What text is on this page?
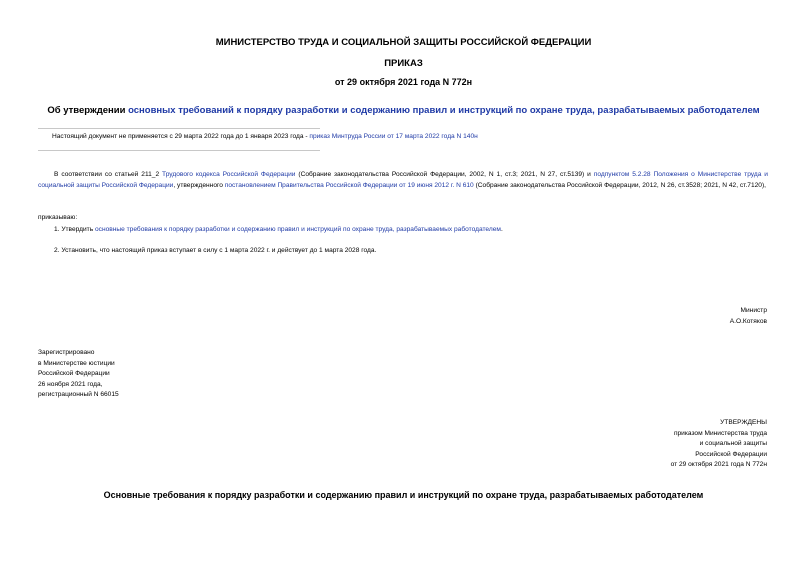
МИНИСТЕРСТВО ТРУДА И СОЦИАЛЬНОЙ ЗАЩИТЫ РОССИЙСКОЙ ФЕДЕРАЦИИ
ПРИКАЗ
от 29 октября 2021 года N 772н
Об утверждении основных требований к порядку разработки и содержанию правил и инструкций по охране труда, разрабатываемых работодателем
Настоящий документ не применяется с 29 марта 2022 года до 1 января 2023 года - приказ Минтруда России от 17 марта 2022 года N 140н
В соответствии со статьей 211_2 Трудового кодекса Российской Федерации (Собрание законодательства Российской Федерации, 2002, N 1, ст.3; 2021, N 27, ст.5139) и подпунктом 5.2.28 Положения о Министерстве труда и социальной защиты Российской Федерации, утвержденного постановлением Правительства Российской Федерации от 19 июня 2012 г. N 610 (Собрание законодательства Российской Федерации, 2012, N 26, ст.3528; 2021, N 42, ст.7120),
приказываю:
1. Утвердить основные требования к порядку разработки и содержанию правил и инструкций по охране труда, разрабатываемых работодателем.
2. Установить, что настоящий приказ вступает в силу с 1 марта 2022 г. и действует до 1 марта 2028 года.
Министр
А.О.Котяков
Зарегистрировано
в Министерстве юстиции
Российской Федерации
26 ноября 2021 года,
регистрационный N 66015
УТВЕРЖДЕНЫ
приказом Министерства труда
и социальной защиты
Российской Федерации
от 29 октября 2021 года N 772н
Основные требования к порядку разработки и содержанию правил и инструкций по охране труда, разрабатываемых работодателем
